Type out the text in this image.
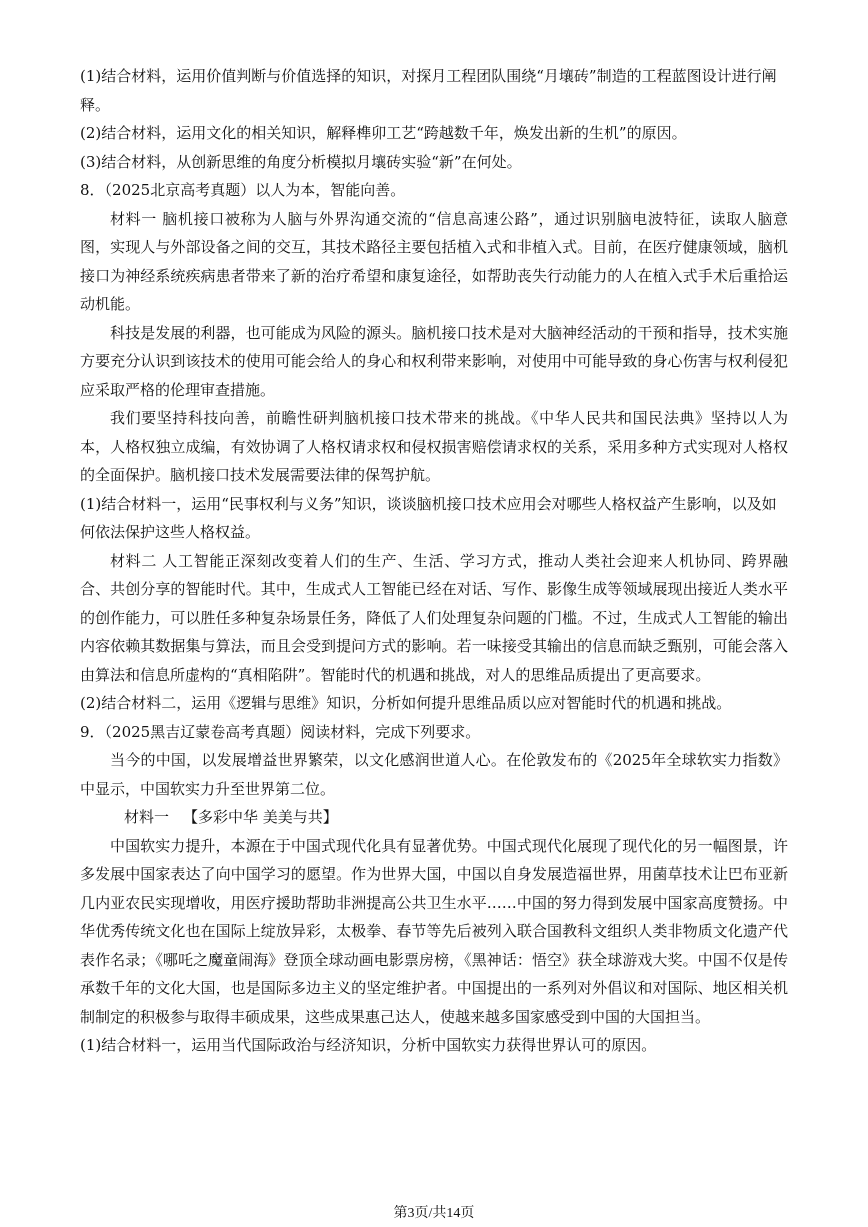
(1)结合材料，运用价值判断与价值选择的知识，对探月工程团队围绕“月壤砖”制造的工程蓝图设计进行阐释。

(2)结合材料，运用文化的相关知识，解释榫卯工艺“跨越数千年，焕发出新的生机”的原因。

(3)结合材料，从创新思维的角度分析模拟月壤砖实验“新”在何处。

8．（2025北京高考真题）以人为本，智能向善。

材料一 脑机接口被称为人脑与外界沟通交流的“信息高速公路”，通过识别脑电波特征，读取人脑意图，实现人与外部设备之间的交互，其技术路径主要包括植入式和非植入式。目前，在医疗健康领域，脑机接口为神经系统疾病患者带来了新的治疗希望和康复途径，如帮助丧失行动能力的人在植入式手术后重拾运动机能。

科技是发展的利器，也可能成为风险的源头。脑机接口技术是对大脑神经活动的干预和指导，技术实施方要充分认识到该技术的使用可能会给人的身心和权利带来影响，对使用中可能导致的身心伤害与权利侵犯应采取严格的伦理审查措施。

我们要坚持科技向善，前瞻性研判脑机接口技术带来的挑战。《中华人民共和国民法典》坚持以人为本，人格权独立成编，有效协调了人格权请求权和侵权损害赔偿请求权的关系，采用多种方式实现对人格权的全面保护。脑机接口技术发展需要法律的保驾护航。

(1)结合材料一，运用“民事权利与义务”知识，谈谈脑机接口技术应用会对哪些人格权益产生影响，以及如何依法保护这些人格权益。

材料二 人工智能正深刻改变着人们的生产、生活、学习方式，推动人类社会迎来人机协同、跨界融合、共创分享的智能时代。其中，生成式人工智能已经在对话、写作、影像生成等领域展现出接近人类水平的创作能力，可以胜任多种复杂场景任务，降低了人们处理复杂问题的门槛。不过，生成式人工智能的输出内容依赖其数据集与算法，而且会受到提问方式的影响。若一味接受其输出的信息而缺乏甄别，可能会落入由算法和信息所虚构的“真相陷阱”。智能时代的机遇和挑战，对人的思维品质提出了更高要求。

(2)结合材料二，运用《逻辑与思维》知识，分析如何提升思维品质以应对智能时代的机遇和挑战。

9．（2025黑吉辽蒙卷高考真题）阅读材料，完成下列要求。

当今的中国，以发展增益世界繁荣，以文化感润世道人心。在伦敦发布的《2025年全球软实力指数》中显示，中国软实力升至世界第二位。

材料一 【多彩中华 美美与共】

中国软实力提升，本源在于中国式现代化具有显著优势。中国式现代化展现了现代化的另一幅图景，许多发展中国家表达了向中国学习的愿望。作为世界大国，中国以自身发展造福世界，用菌草技术让巴布亚新几内亚农民实现增收，用医疗援助帮助非洲提高公共卫生水平……中国的努力得到发展中国家高度赞扬。中华优秀传统文化也在国际上绽放异彩，太极拳、春节等先后被列入联合国教科文组织人类非物质文化遗产代表作名录；《哪吒之魔童闹海》登顶全球动画电影票房榜，《黑神话：悟空》获全球游戏大奖。中国不仅是传承数千年的文化大国，也是国际多边主义的坚定维护者。中国提出的一系列对外倡议和对国际、地区相关机制制定的积极参与取得丰硕成果，这些成果惠己达人，使越来越多国家感受到中国的大国担当。

(1)结合材料一，运用当代国际政治与经济知识，分析中国软实力获得世界认可的原因。

第3页/共14页
